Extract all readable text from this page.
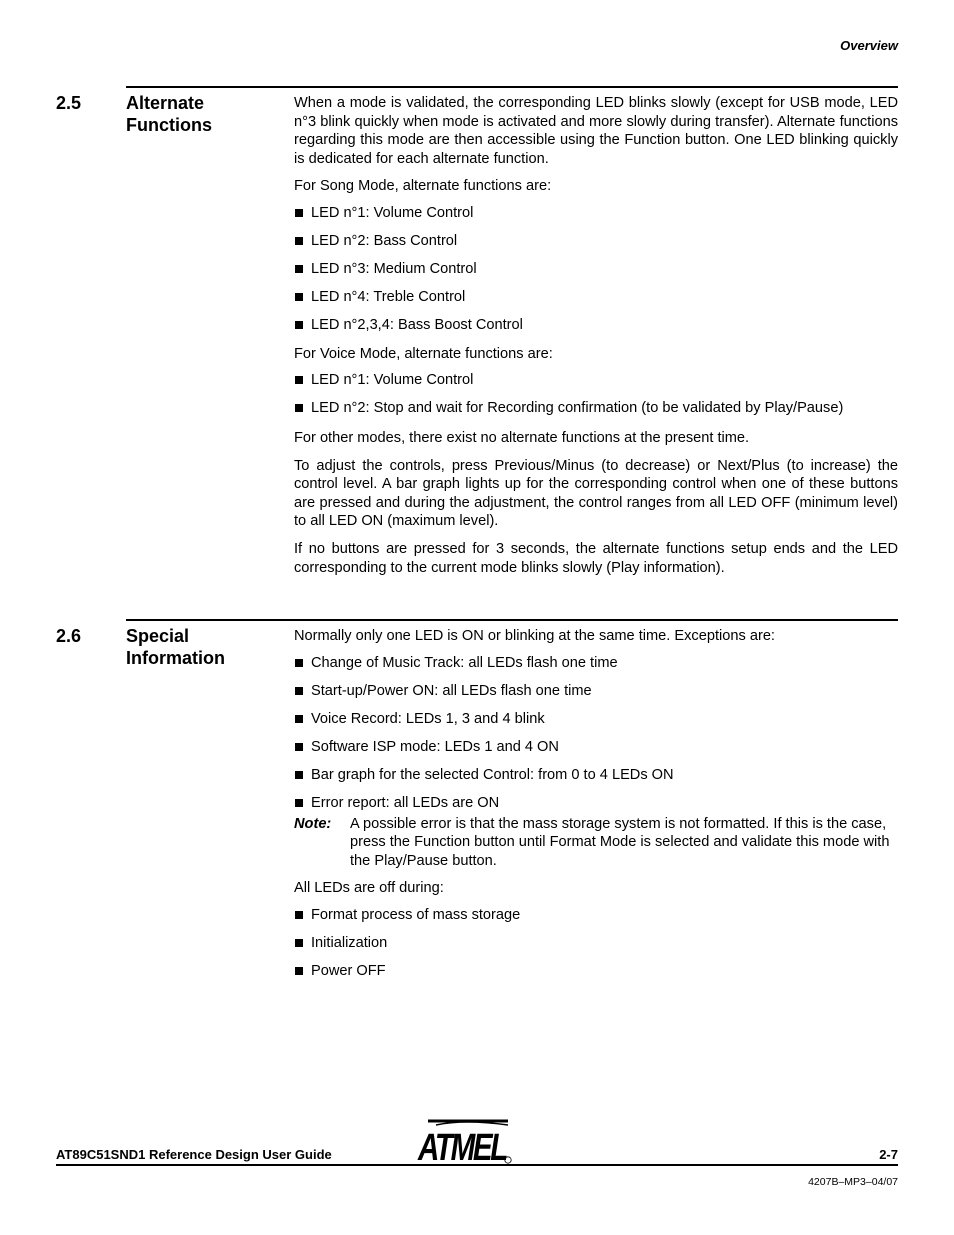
Overview
2.5 Alternate
Functions

When a mode is validated, the corresponding LED blinks slowly (except for USB mode, LED n°3 blink quickly when mode is activated and more slowly during transfer). Alternate functions regarding this mode are then accessible using the Function button. One LED blinking quickly is dedicated for each alternate function.

For Song Mode, alternate functions are:

LED n°1: Volume Control

LED n°2: Bass Control

LED n°3: Medium Control

LED n°4: Treble Control

LED n°2,3,4: Bass Boost Control

For Voice Mode, alternate functions are:

LED n°1: Volume Control

LED n°2: Stop and wait for Recording confirmation (to be validated by Play/Pause)

For other modes, there exist no alternate functions at the present time.

To adjust the controls, press Previous/Minus (to decrease) or Next/Plus (to increase) the control level. A bar graph lights up for the corresponding control when one of these buttons are pressed and during the adjustment, the control ranges from all LED OFF (minimum level) to all LED ON (maximum level).

If no buttons are pressed for 3 seconds, the alternate functions setup ends and the LED corresponding to the current mode blinks slowly (Play information).

2.6 Special
Information

Normally only one LED is ON or blinking at the same time. Exceptions are:

Change of Music Track: all LEDs flash one time

Start-up/Power ON: all LEDs flash one time

Voice Record: LEDs 1, 3 and 4 blink

Software ISP mode: LEDs 1 and 4 ON

Bar graph for the selected Control: from 0 to 4 LEDs ON

Error report: all LEDs are ON

Note: A possible error is that the mass storage system is not formatted. If this is the case, press the Function button until Format Mode is selected and validate this mode with the Play/Pause button.

All LEDs are off during:

Format process of mass storage

Initialization

Power OFF

ATMEL
AT89C51SND1 Reference Design User Guide	2-7
4207B–MP3–04/07
